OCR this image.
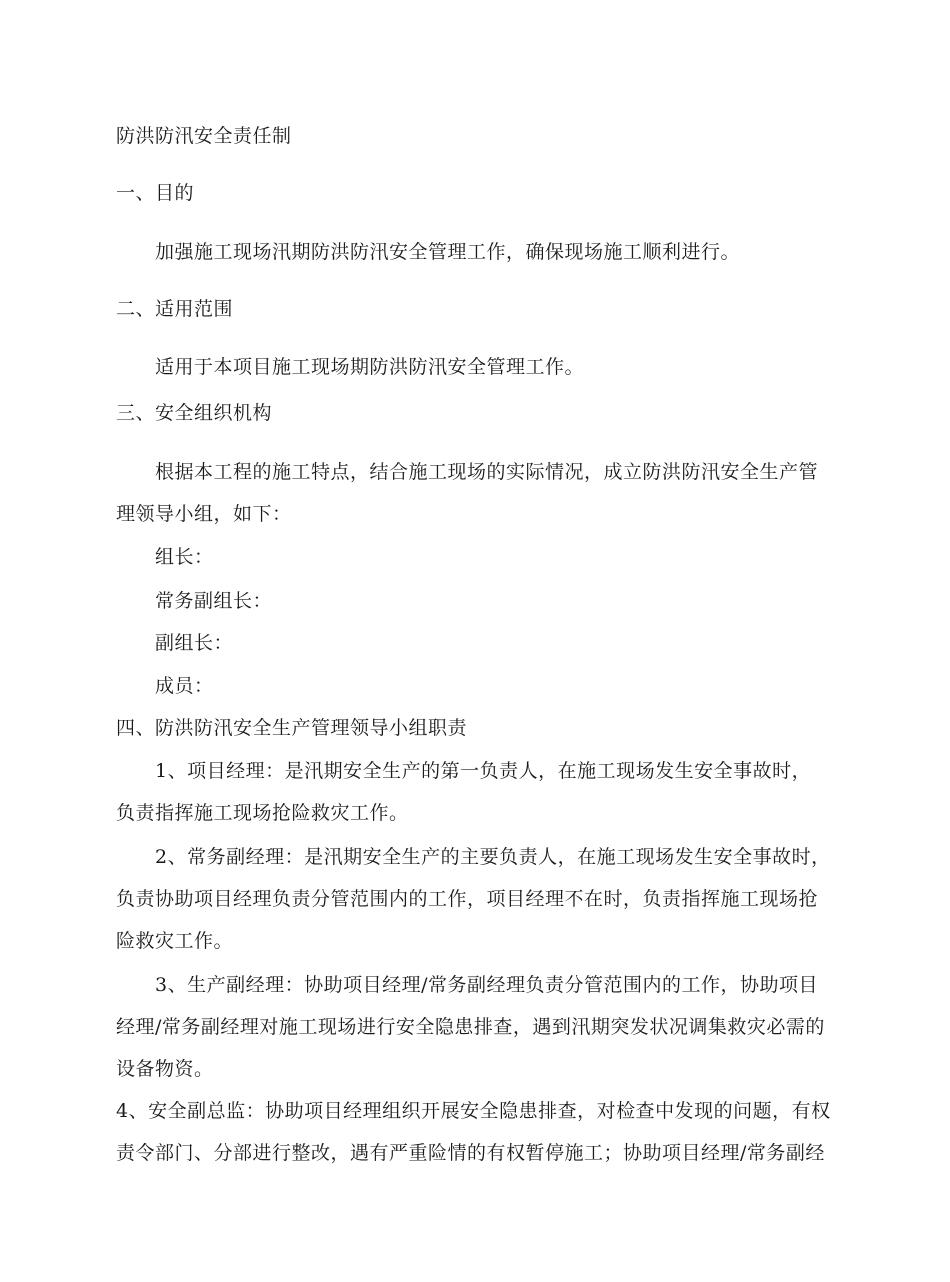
防洪防汛安全责任制

一、目的

加强施工现场汛期防洪防汛安全管理工作，确保现场施工顺利进行。

二、适用范围

适用于本项目施工现场期防洪防汛安全管理工作。

三、安全组织机构

根据本工程的施工特点，结合施工现场的实际情况，成立防洪防汛安全生产管

理领导小组，如下：

组长：

常务副组长：

副组长：

成员：

四、防洪防汛安全生产管理领导小组职责

1、项目经理：是汛期安全生产的第一负责人，在施工现场发生安全事故时，

负责指挥施工现场抢险救灾工作。

2、常务副经理：是汛期安全生产的主要负责人，在施工现场发生安全事故时，

负责协助项目经理负责分管范围内的工作，项目经理不在时，负责指挥施工现场抢

险救灾工作。

3、生产副经理：协助项目经理/常务副经理负责分管范围内的工作，协助项目

经理/常务副经理对施工现场进行安全隐患排查，遇到汛期突发状况调集救灾必需的

设备物资。

4、安全副总监：协助项目经理组织开展安全隐患排查，对检查中发现的问题，有权

责令部门、分部进行整改，遇有严重险情的有权暂停施工；协助项目经理/常务副经
